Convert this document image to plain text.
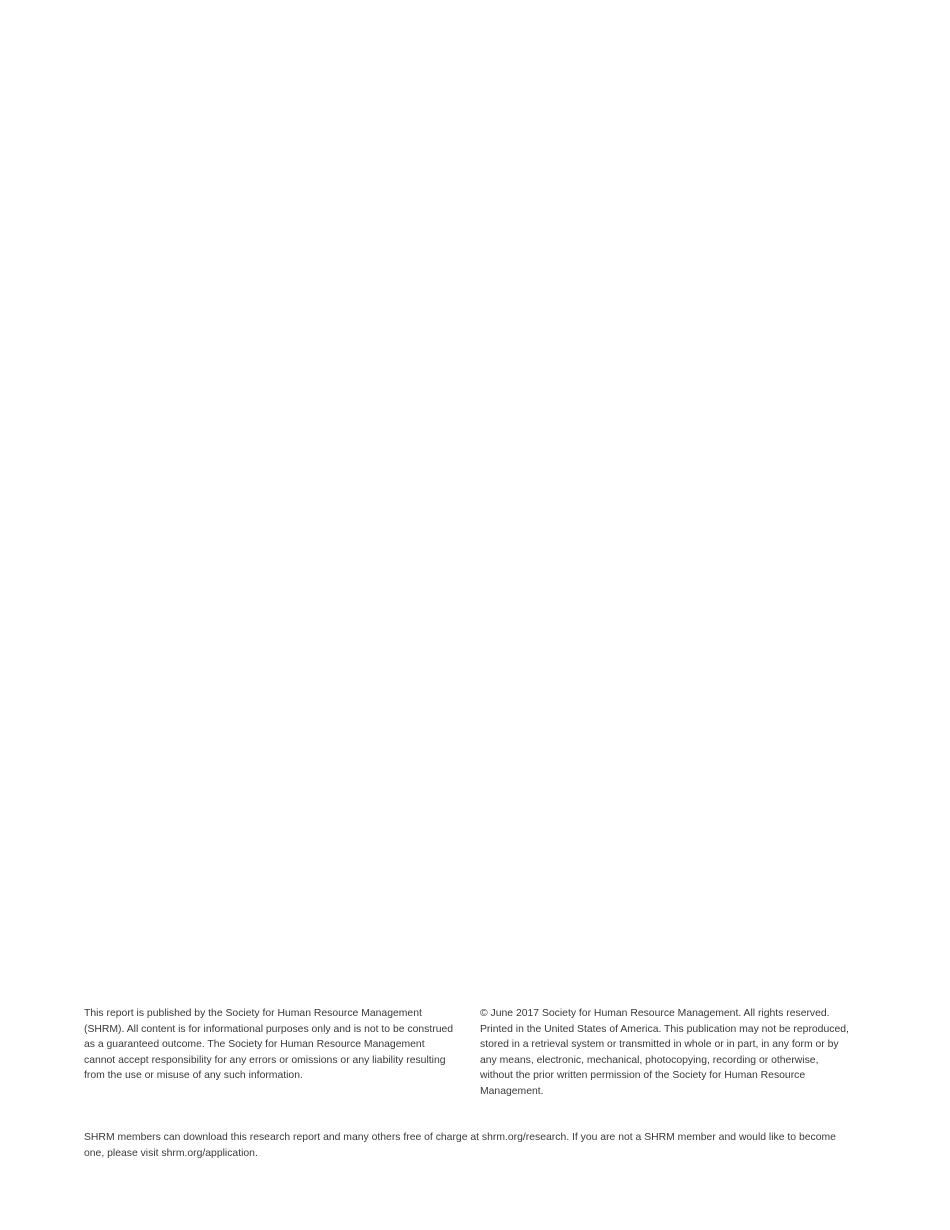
This report is published by the Society for Human Resource Management (SHRM). All content is for informational purposes only and is not to be construed as a guaranteed outcome. The Society for Human Resource Management cannot accept responsibility for any errors or omissions or any liability resulting from the use or misuse of any such information.

© June 2017 Society for Human Resource Management. All rights reserved. Printed in the United States of America. This publication may not be reproduced, stored in a retrieval system or transmitted in whole or in part, in any form or by any means, electronic, mechanical, photocopying, recording or otherwise, without the prior written permission of the Society for Human Resource Management.

SHRM members can download this research report and many others free of charge at shrm.org/research. If you are not a SHRM member and would like to become one, please visit shrm.org/application.
